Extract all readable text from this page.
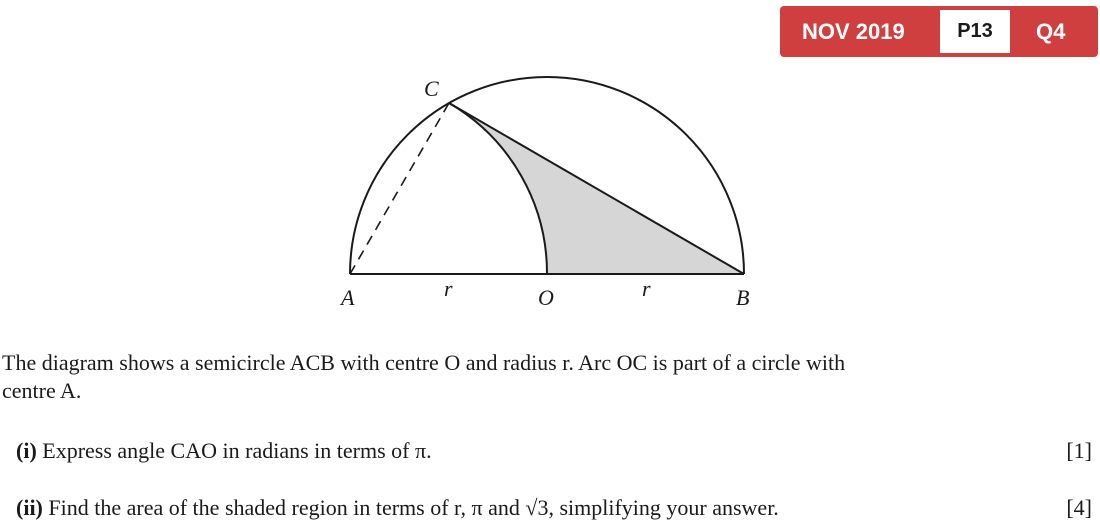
NOV 2019	P13	Q4
C
A	O	B
r	r
The diagram shows a semicircle ACB with centre O and radius r. Arc OC is part of a circle with
centre A.
(i) Express angle CAO in radians in terms of π.	[1]
(ii) Find the area of the shaded region in terms of r, π and √3, simplifying your answer.	[4]
